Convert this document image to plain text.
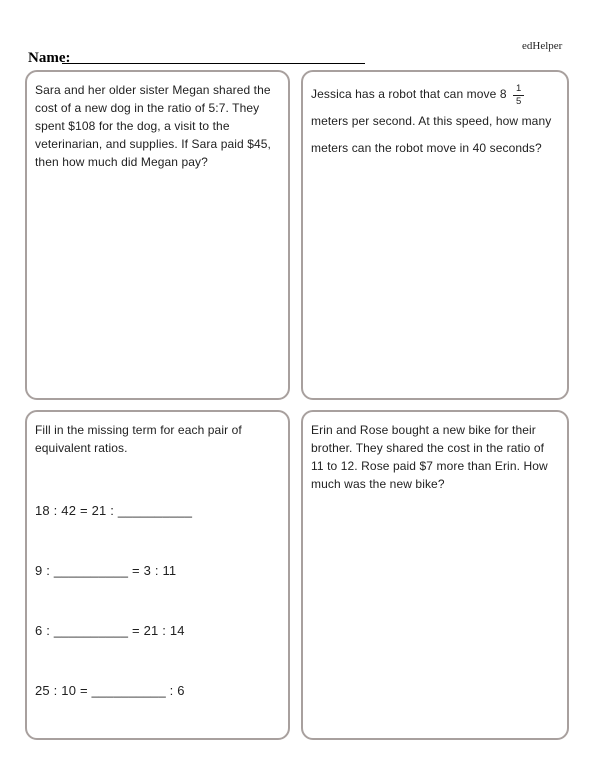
edHelper
Name:
Sara and her older sister Megan shared the
cost of a new dog in the ratio of 5:7. They
spent $108 for the dog, a visit to the
veterinarian, and supplies. If Sara paid $45,
then how much did Megan pay?
Jessica has a robot that can move $8 \frac{1}{5}$
meters per second. At this speed, how many
meters can the robot move in 40 seconds?
Fill in the missing term for each pair of
equivalent ratios.
18 : 42 = 21 : __________
9 : __________ = 3 : 11
6 : __________ = 21 : 14
25 : 10 = __________ : 6
Erin and Rose bought a new bike for their
brother. They shared the cost in the ratio of
11 to 12. Rose paid $7 more than Erin. How
much was the new bike?
